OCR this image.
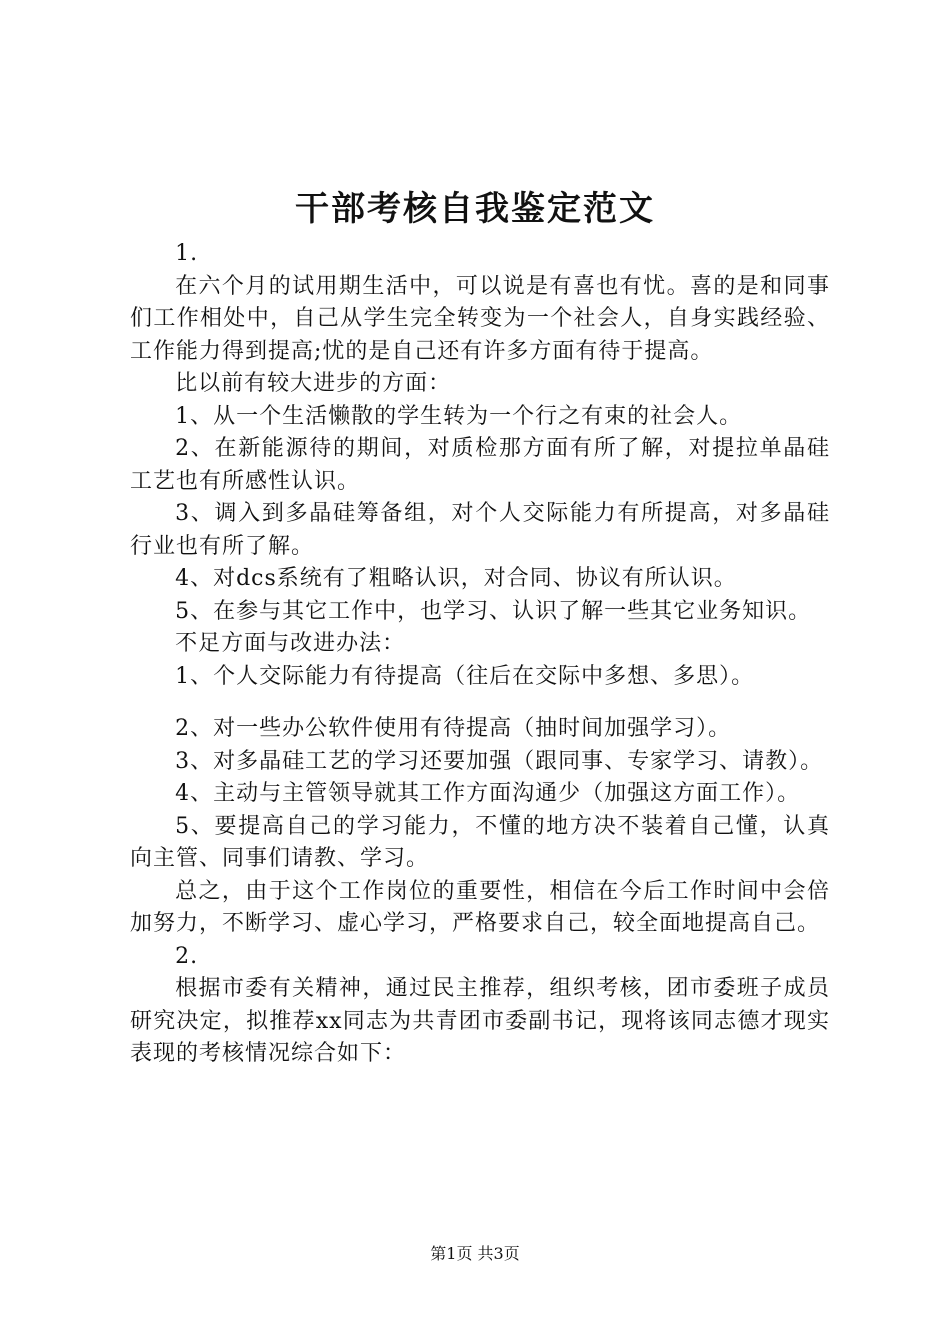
干部考核自我鉴定范文

1.

在六个月的试用期生活中，可以说是有喜也有忧。喜的是和同事们工作相处中，自己从学生完全转变为一个社会人，自身实践经验、工作能力得到提高;忧的是自己还有许多方面有待于提高。

比以前有较大进步的方面：

1、从一个生活懒散的学生转为一个行之有束的社会人。

2、在新能源待的期间，对质检那方面有所了解，对提拉单晶硅工艺也有所感性认识。

3、调入到多晶硅筹备组，对个人交际能力有所提高，对多晶硅行业也有所了解。

4、对dcs系统有了粗略认识，对合同、协议有所认识。

5、在参与其它工作中，也学习、认识了解一些其它业务知识。

不足方面与改进办法：

1、个人交际能力有待提高（往后在交际中多想、多思）。

2、对一些办公软件使用有待提高（抽时间加强学习）。

3、对多晶硅工艺的学习还要加强（跟同事、专家学习、请教）。

4、主动与主管领导就其工作方面沟通少（加强这方面工作）。

5、要提高自己的学习能力，不懂的地方决不装着自己懂，认真向主管、同事们请教、学习。

总之，由于这个工作岗位的重要性，相信在今后工作时间中会倍加努力，不断学习、虚心学习，严格要求自己，较全面地提高自己。

2.

根据市委有关精神，通过民主推荐，组织考核，团市委班子成员研究决定，拟推荐xx同志为共青团市委副书记，现将该同志德才现实表现的考核情况综合如下：

第1页 共3页
